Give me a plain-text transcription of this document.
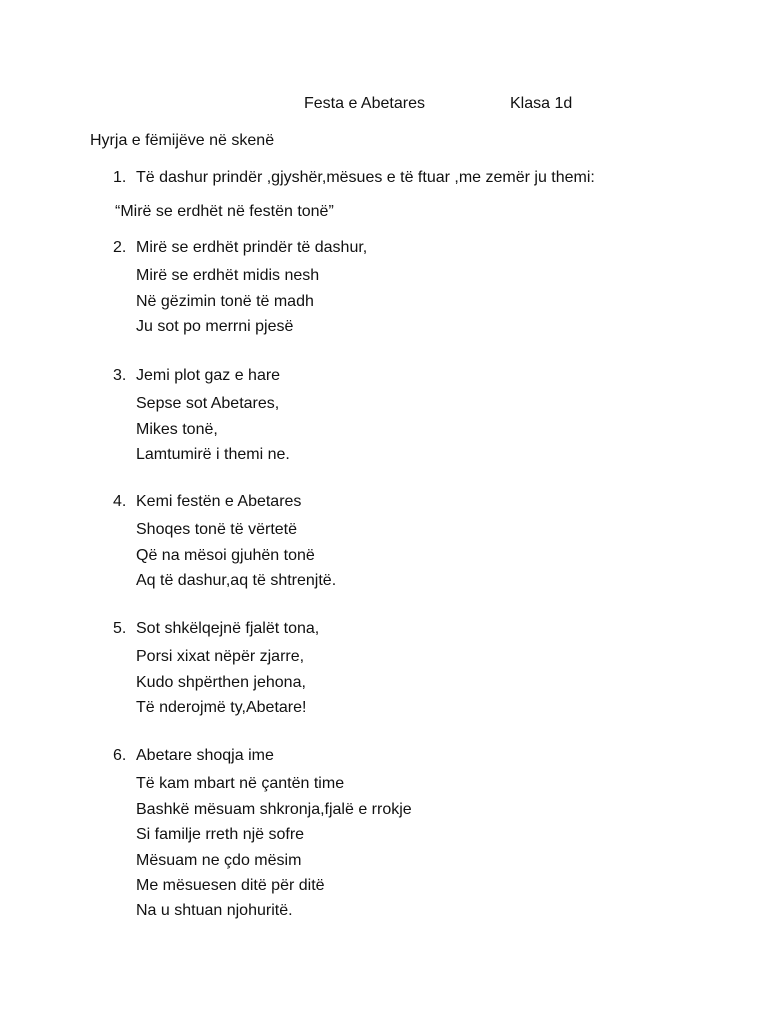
Festa e Abetares	Klasa 1d
Hyrja e fëmijëve në skenë
1. Të dashur prindër ,gjyshër,mësues e të ftuar ,me zemër ju themi:
“Mirë se erdhët në festën tonë”
2. Mirë se erdhët prindër të dashur,
Mirë se erdhët midis nesh
Në gëzimin tonë të madh
Ju sot po merrni pjesë
3. Jemi plot gaz e hare
Sepse sot Abetares,
Mikes tonë,
Lamtumirë i themi ne.
4. Kemi festën e Abetares
Shoqes tonë të vërtetë
Që na mësoi gjuhën tonë
Aq të dashur,aq të shtrenjtë.
5. Sot shkëlqejnë fjalët tona,
Porsi xixat nëpër zjarre,
Kudo shpërthen jehona,
Të nderojmë ty,Abetare!
6. Abetare shoqja ime
Të kam mbart në çantën time
Bashkë mësuam shkronja,fjalë e rrokje
Si familje rreth një sofre
Mësuam ne çdo mësim
Me mësuesen ditë për ditë
Na u shtuan njohuritë.
